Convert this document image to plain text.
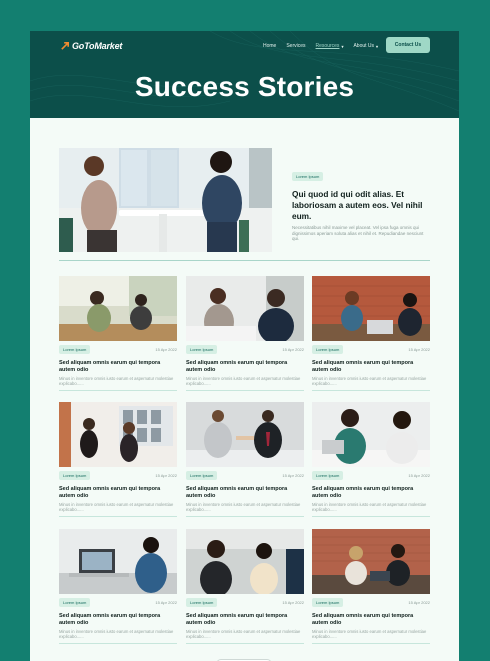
GoToMarket	Home Services Resources ▾ About Us ▾	Contact Us
Success Stories
Lorem Ipsum
Qui quod id qui odit alias. Et laboriosam a autem eos. Vel nihil eum.
Necessitatibus nihil maxime vel placeat. Vel ipsa fuga omnis qui dignissimos aperiam soluta alias et nihil et. Repudiandae nesciunt qui.
Lorem Ipsum	15 Apr 2022
Sed aliquam omnis earum qui tempora autem odio
Minus in inventore omnis iusto earum et aspernatur molestiae explicabo......
Lorem Ipsum	15 Apr 2022
Sed aliquam omnis earum qui tempora autem odio
Minus in inventore omnis iusto earum et aspernatur molestiae explicabo......
Lorem Ipsum	15 Apr 2022
Sed aliquam omnis earum qui tempora autem odio
Minus in inventore omnis iusto earum et aspernatur molestiae explicabo......
Lorem Ipsum	15 Apr 2022
Sed aliquam omnis earum qui tempora autem odio
Minus in inventore omnis iusto earum et aspernatur molestiae explicabo......
Lorem Ipsum	15 Apr 2022
Sed aliquam omnis earum qui tempora autem odio
Minus in inventore omnis iusto earum et aspernatur molestiae explicabo......
Lorem Ipsum	15 Apr 2022
Sed aliquam omnis earum qui tempora autem odio
Minus in inventore omnis iusto earum et aspernatur molestiae explicabo......
Lorem Ipsum	15 Apr 2022
Sed aliquam omnis earum qui tempora autem odio
Minus in inventore omnis iusto earum et aspernatur molestiae explicabo......
Lorem Ipsum	15 Apr 2022
Sed aliquam omnis earum qui tempora autem odio
Minus in inventore omnis iusto earum et aspernatur molestiae explicabo......
Lorem Ipsum	15 Apr 2022
Sed aliquam omnis earum qui tempora autem odio
Minus in inventore omnis iusto earum et aspernatur molestiae explicabo......
